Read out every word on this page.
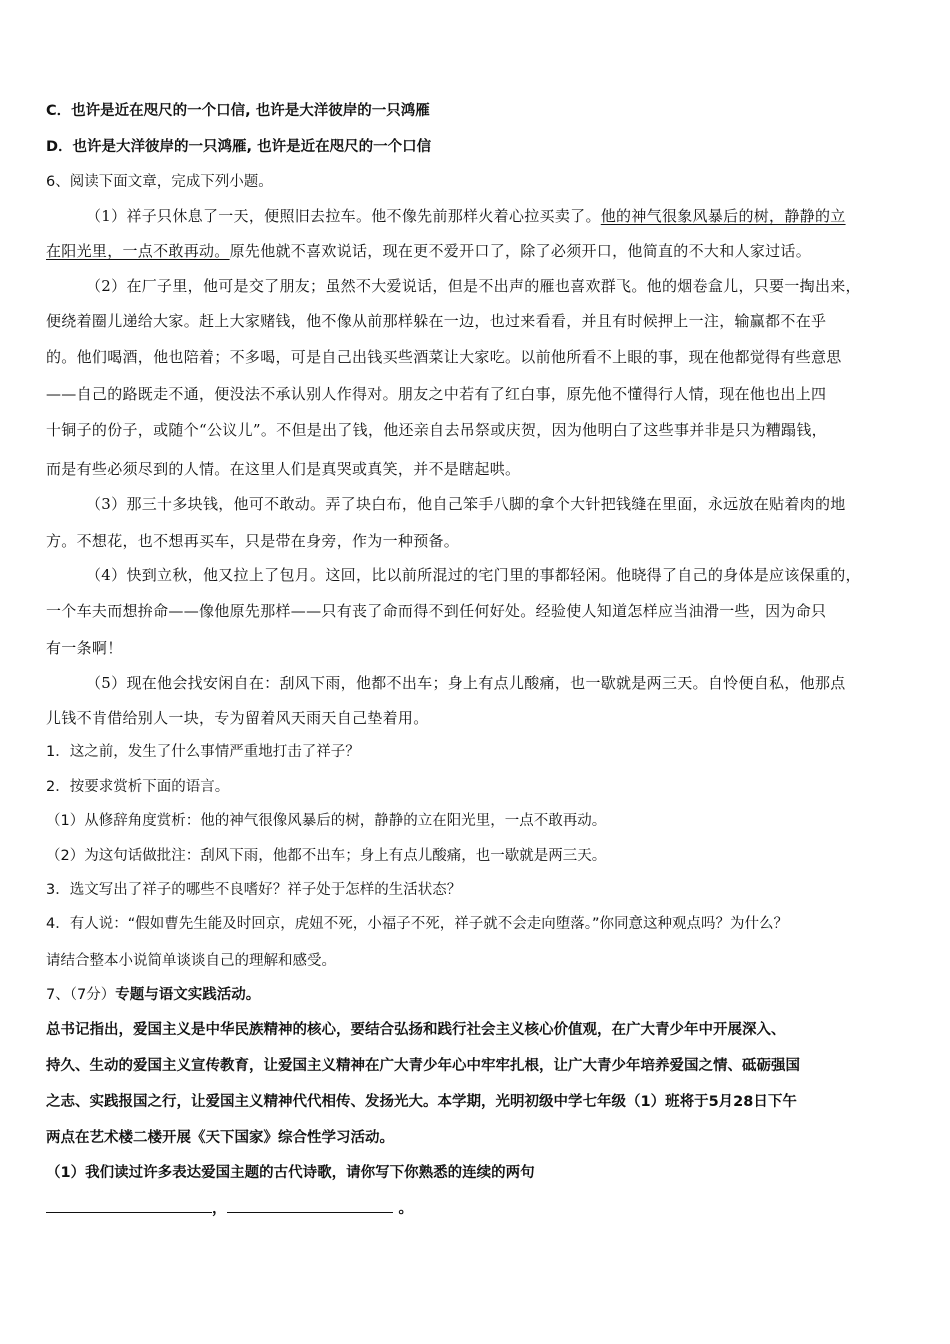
C．也许是近在咫尺的一个口信, 也许是大洋彼岸的一只鸿雁
D．也许是大洋彼岸的一只鸿雁, 也许是近在咫尺的一个口信
6、阅读下面文章，完成下列小题。
（1）祥子只休息了一天，便照旧去拉车。他不像先前那样火着心拉买卖了。他的神气很象风暴后的树，静静的立
在阳光里，一点不敢再动。原先他就不喜欢说话，现在更不爱开口了，除了必须开口，他简直的不大和人家过话。
（2）在厂子里，他可是交了朋友；虽然不大爱说话，但是不出声的雁也喜欢群飞。他的烟卷盒儿，只要一掏出来，
便绕着圈儿递给大家。赶上大家赌钱，他不像从前那样躲在一边，也过来看看，并且有时候押上一注，输赢都不在乎
的。他们喝酒，他也陪着；不多喝，可是自己出钱买些酒菜让大家吃。以前他所看不上眼的事，现在他都觉得有些意思
——自己的路既走不通，便没法不承认别人作得对。朋友之中若有了红白事，原先他不懂得行人情，现在他也出上四
十铜子的份子，或随个“公议儿”。不但是出了钱，他还亲自去吊祭或庆贺，因为他明白了这些事并非是只为糟蹋钱，
而是有些必须尽到的人情。在这里人们是真哭或真笑，并不是瞎起哄。
（3）那三十多块钱，他可不敢动。弄了块白布，他自己笨手八脚的拿个大针把钱缝在里面，永远放在贴着肉的地
方。不想花，也不想再买车，只是带在身旁，作为一种预备。
（4）快到立秋，他又拉上了包月。这回，比以前所混过的宅门里的事都轻闲。他晓得了自己的身体是应该保重的，
一个车夫而想拚命——像他原先那样——只有丧了命而得不到任何好处。经验使人知道怎样应当油滑一些，因为命只
有一条啊！
（5）现在他会找安闲自在：刮风下雨，他都不出车；身上有点儿酸痛，也一歇就是两三天。自怜便自私，他那点
儿钱不肯借给别人一块，专为留着风天雨天自己垫着用。
1．这之前，发生了什么事情严重地打击了祥子？
2．按要求赏析下面的语言。
（1）从修辞角度赏析：他的神气很像风暴后的树，静静的立在阳光里，一点不敢再动。
（2）为这句话做批注：刮风下雨，他都不出车；身上有点儿酸痛，也一歇就是两三天。
3．选文写出了祥子的哪些不良嗜好？祥子处于怎样的生活状态？
4．有人说：“假如曹先生能及时回京，虎妞不死，小福子不死，祥子就不会走向堕落。”你同意这种观点吗？为什么？
请结合整本小说简单谈谈自己的理解和感受。
7、（7分）专题与语文实践活动。
总书记指出，爱国主义是中华民族精神的核心，要结合弘扬和践行社会主义核心价值观，在广大青少年中开展深入、
持久、生动的爱国主义宣传教育，让爱国主义精神在广大青少年心中牢牢扎根，让广大青少年培养爱国之情、砥砺强国
之志、实践报国之行，让爱国主义精神代代相传、发扬光大。本学期，光明初级中学七年级（1）班将于5月28日下午
两点在艺术楼二楼开展《天下国家》综合性学习活动。
（1）我们读过许多表达爱国主题的古代诗歌，请你写下你熟悉的连续的两句
，	。
